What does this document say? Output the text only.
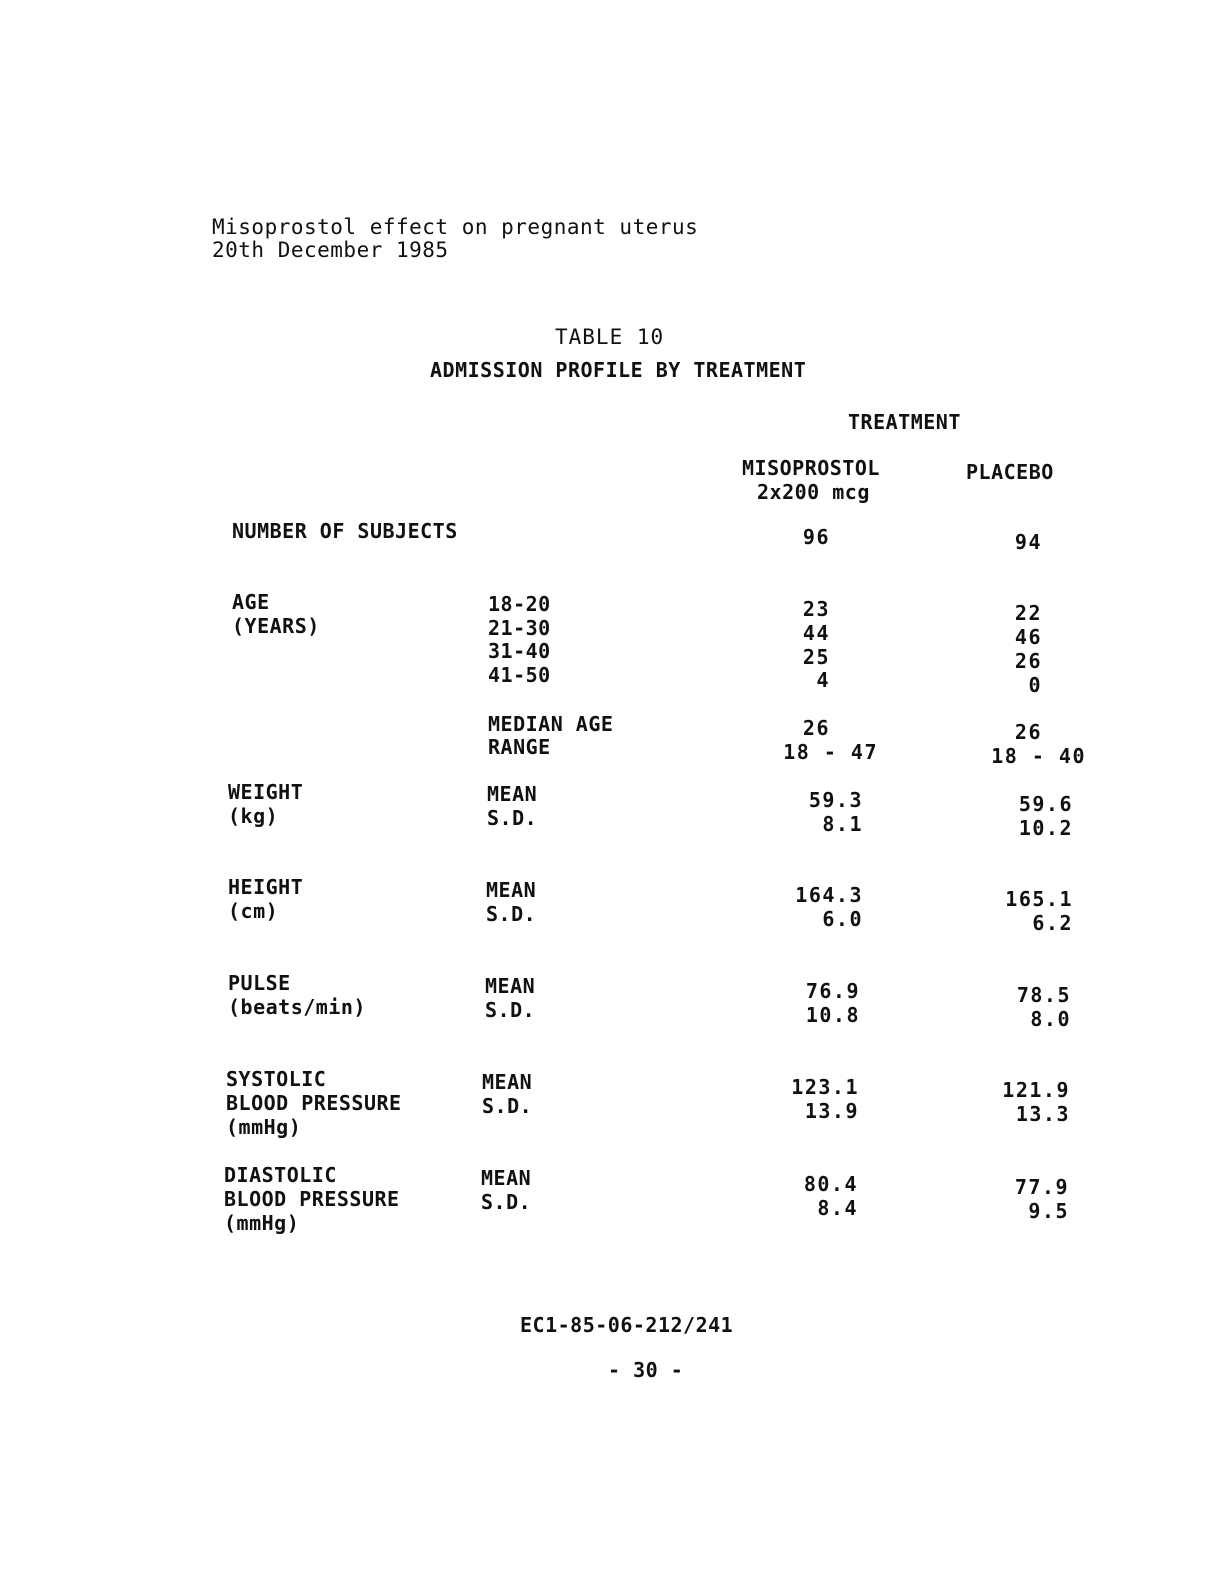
Misoprostol effect on pregnant uterus
20th December 1985
TABLE 10
ADMISSION PROFILE BY TREATMENT
TREATMENT
MISOPROSTOL
2x200 mcg
PLACEBO
NUMBER OF SUBJECTS	96	94
AGE
(YEARS)
18-20
21-30
31-40
41-50
23
44
25
4
22
46
26
0
MEDIAN AGE
RANGE
26
18 - 47
26
18 - 40
WEIGHT
(kg)
MEAN
S.D.
59.3
8.1
59.6
10.2
HEIGHT
(cm)
MEAN
S.D.
164.3
6.0
165.1
6.2
PULSE
(beats/min)
MEAN
S.D.
76.9
10.8
78.5
8.0
SYSTOLIC
BLOOD PRESSURE
(mmHg)
MEAN
S.D.
123.1
13.9
121.9
13.3
DIASTOLIC
BLOOD PRESSURE
(mmHg)
MEAN
S.D.
80.4
8.4
77.9
9.5
EC1-85-06-212/241
- 30 -
